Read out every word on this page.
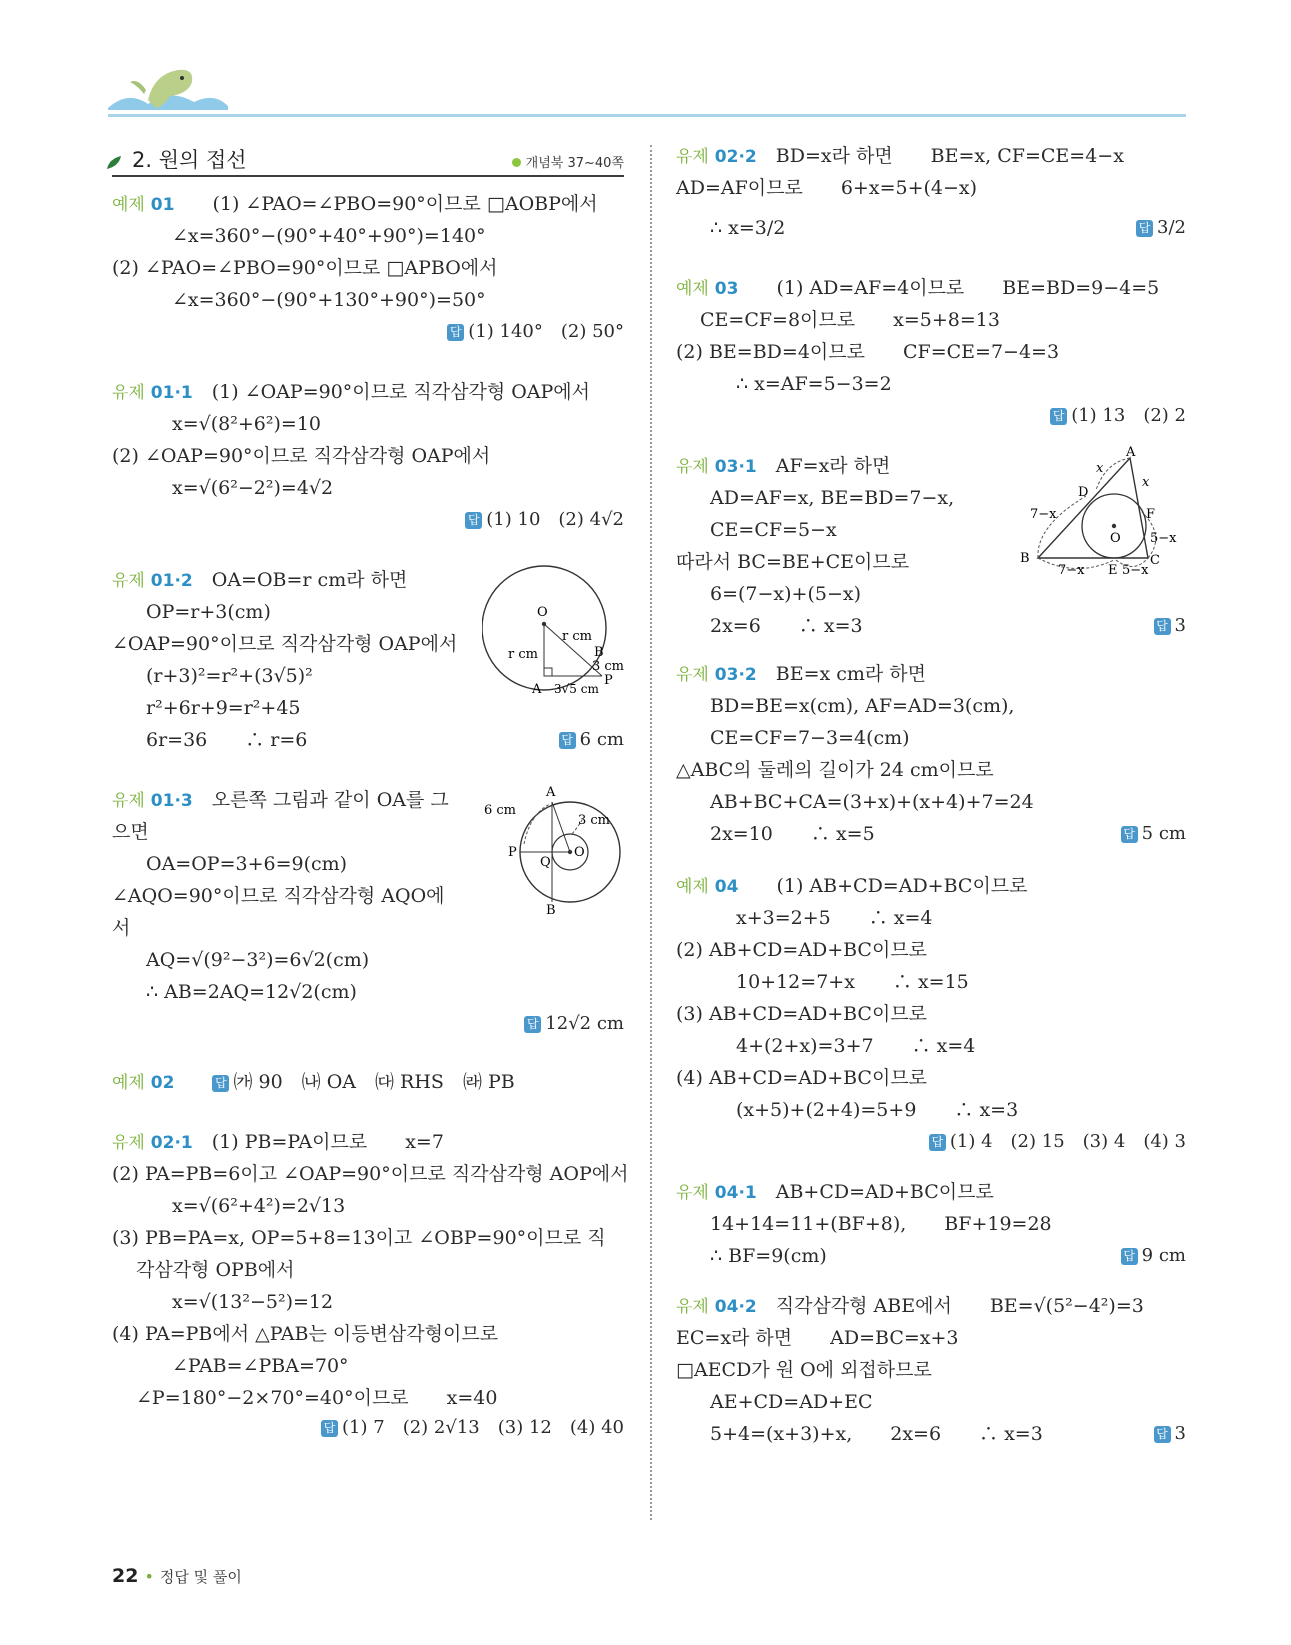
2. 원의 접선	개념북 37~40쪽
예제 01　　 (1) ∠PAO=∠PBO=90°이므로 □AOBP에서
∠x=360°−(90°+40°+90°)=140°
(2) ∠PAO=∠PBO=90°이므로 □APBO에서
∠x=360°−(90°+130°+90°)=50°
답 (1) 140°　(2) 50°
유제 01·1　 (1) ∠OAP=90°이므로 직각삼각형 OAP에서
x=√(8²+6²)=10
(2) ∠OAP=90°이므로 직각삼각형 OAP에서
x=√(6²−2²)=4√2
답 (1) 10　(2) 4√2
유제 01·2　 OA=OB=r cm라 하면
OP=r+3(cm)
∠OAP=90°이므로 직각삼각형 OAP에서
(r+3)²=r²+(3√5)²
r²+6r+9=r²+45
6r=36　　∴ r=6	답 6 cm
O
r cm
r cm	B
3 cm
A
P
3√5 cm
유제 01·3　 오른쪽 그림과 같이 OA를 그
으면
OA=OP=3+6=9(cm)
∠AQO=90°이므로 직각삼각형 AQO에
서
AQ=√(9²−3²)=6√2(cm)
∴ AB=2AQ=12√2(cm)
답 12√2 cm
A
6 cm
3 cm
P
Q
O
B
예제 02　　	답 ㈎ 90　㈏ OA　㈐ RHS　㈑ PB
유제 02·1　 (1) PB=PA이므로　　x=7
(2) PA=PB=6이고 ∠OAP=90°이므로 직각삼각형 AOP에서
x=√(6²+4²)=2√13
(3) PB=PA=x, OP=5+8=13이고 ∠OBP=90°이므로 직
각삼각형 OPB에서
x=√(13²−5²)=12
(4) PA=PB에서 △PAB는 이등변삼각형이므로
∠PAB=∠PBA=70°
∠P=180°−2×70°=40°이므로　　x=40
답 (1) 7　(2) 2√13　(3) 12　(4) 40
유제 02·2　 BD=x라 하면　　BE=x, CF=CE=4−x
AD=AF이므로　　6+x=5+(4−x)
∴ x=3/2	답 3/2
예제 03　　 (1) AD=AF=4이므로　　BE=BD=9−4=5
CE=CF=8이므로　　x=5+8=13
(2) BE=BD=4이므로　　CF=CE=7−4=3
∴ x=AF=5−3=2
답 (1) 13　(2) 2
유제 03·1　 AF=x라 하면
AD=AF=x, BE=BD=7−x,
CE=CF=5−x
따라서 BC=BE+CE이므로
6=(7−x)+(5−x)
2x=6　　∴ x=3	답 3
A
x
x
D
7−x
O
F
5−x
B
7−x E 5−x
C
유제 03·2　 BE=x cm라 하면
BD=BE=x(cm), AF=AD=3(cm),
CE=CF=7−3=4(cm)
△ABC의 둘레의 길이가 24 cm이므로
AB+BC+CA=(3+x)+(x+4)+7=24
2x=10　　∴ x=5	답 5 cm
예제 04　　 (1) AB+CD=AD+BC이므로
x+3=2+5　　∴ x=4
(2) AB+CD=AD+BC이므로
10+12=7+x　　∴ x=15
(3) AB+CD=AD+BC이므로
4+(2+x)=3+7　　∴ x=4
(4) AB+CD=AD+BC이므로
(x+5)+(2+4)=5+9　　∴ x=3
답 (1) 4　(2) 15　(3) 4　(4) 3
유제 04·1　 AB+CD=AD+BC이므로
14+14=11+(BF+8),　　BF+19=28
∴ BF=9(cm)	답 9 cm
유제 04·2　 직각삼각형 ABE에서　　BE=√(5²−4²)=3
EC=x라 하면　　AD=BC=x+3
□AECD가 원 O에 외접하므로
AE+CD=AD+EC
5+4=(x+3)+x,　　2x=6　　∴ x=3	답 3
22 • 정답 및 풀이
